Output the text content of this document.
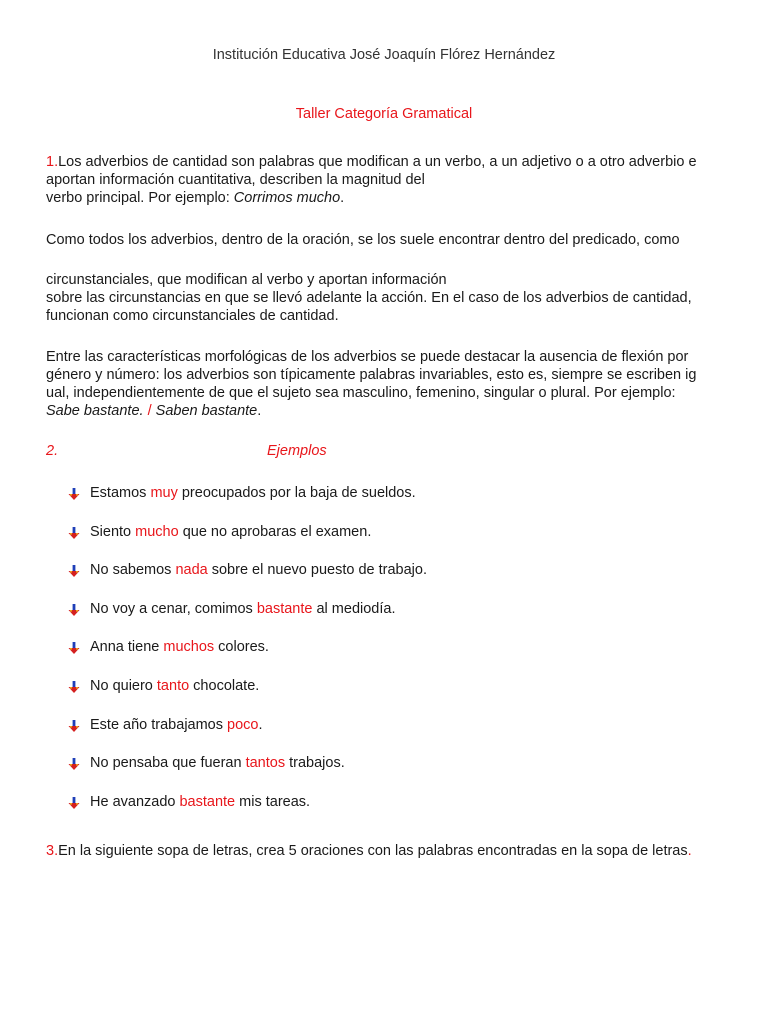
Institución Educativa José Joaquín Flórez Hernández
Taller Categoría Gramatical

1.Los adverbios de cantidad son palabras que modifican a un verbo, a un adjetivo o a otro adverbio e
aportan información cuantitativa, describen la magnitud del
verbo principal. Por ejemplo: Corrimos mucho.

Como todos los adverbios, dentro de la oración, se los suele encontrar dentro del predicado, como

circunstanciales, que modifican al verbo y aportan información
sobre las circunstancias en que se llevó adelante la acción. En el caso de los adverbios de cantidad,
funcionan como circunstanciales de cantidad.

Entre las características morfológicas de los adverbios se puede destacar la ausencia de flexión por
género y número: los adverbios son típicamente palabras invariables, esto es, siempre se escriben ig
ual, independientemente de que el sujeto sea masculino, femenino, singular o plural. Por ejemplo:
Sabe bastante. / Saben bastante.

2.	Ejemplos
Estamos muy preocupados por la baja de sueldos.
Siento mucho que no aprobaras el examen.
No sabemos nada sobre el nuevo puesto de trabajo.
No voy a cenar, comimos bastante al mediodía.
Anna tiene muchos colores.
No quiero tanto chocolate.
Este año trabajamos poco.
No pensaba que fueran tantos trabajos.
He avanzado bastante mis tareas.
3.En la siguiente sopa de letras, crea 5 oraciones con las palabras encontradas en la sopa de letras.
